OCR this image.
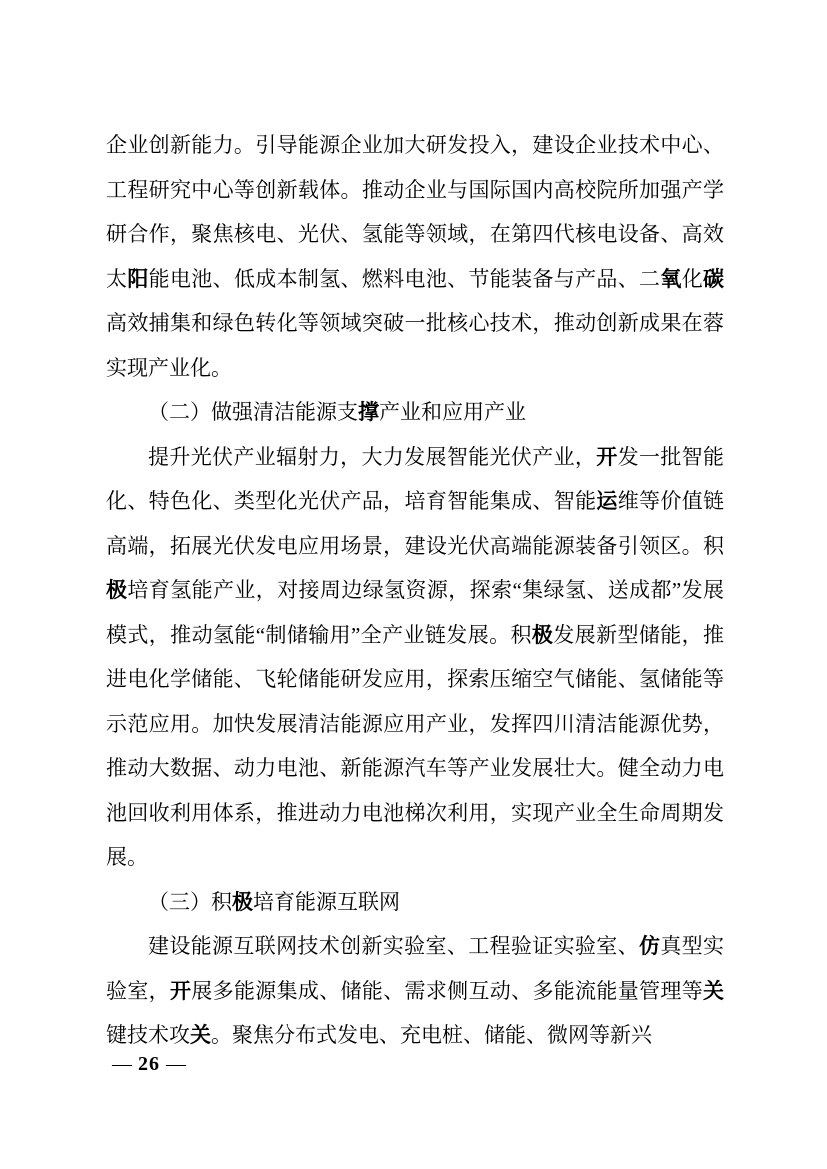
企业创新能力。引导能源企业加大研发投入，建设企业技术中心、工程研究中心等创新载体。推动企业与国际国内高校院所加强产学研合作，聚焦核电、光伏、氢能等领域，在第四代核电设备、高效太阳能电池、低成本制氢、燃料电池、节能装备与产品、二氧化碳高效捕集和绿色转化等领域突破一批核心技术，推动创新成果在蓉实现产业化。

（二）做强清洁能源支撑产业和应用产业

提升光伏产业辐射力，大力发展智能光伏产业，开发一批智能化、特色化、类型化光伏产品，培育智能集成、智能运维等价值链高端，拓展光伏发电应用场景，建设光伏高端能源装备引领区。积极培育氢能产业，对接周边绿氢资源，探索“集绿氢、送成都”发展模式，推动氢能“制储输用”全产业链发展。积极发展新型储能，推进电化学储能、飞轮储能研发应用，探索压缩空气储能、氢储能等示范应用。加快发展清洁能源应用产业，发挥四川清洁能源优势，推动大数据、动力电池、新能源汽车等产业发展壮大。健全动力电池回收利用体系，推进动力电池梯次利用，实现产业全生命周期发展。

（三）积极培育能源互联网

建设能源互联网技术创新实验室、工程验证实验室、仿真型实验室，开展多能源集成、储能、需求侧互动、多能流能量管理等关键技术攻关。聚焦分布式发电、充电桩、储能、微网等新兴

— 26 —
